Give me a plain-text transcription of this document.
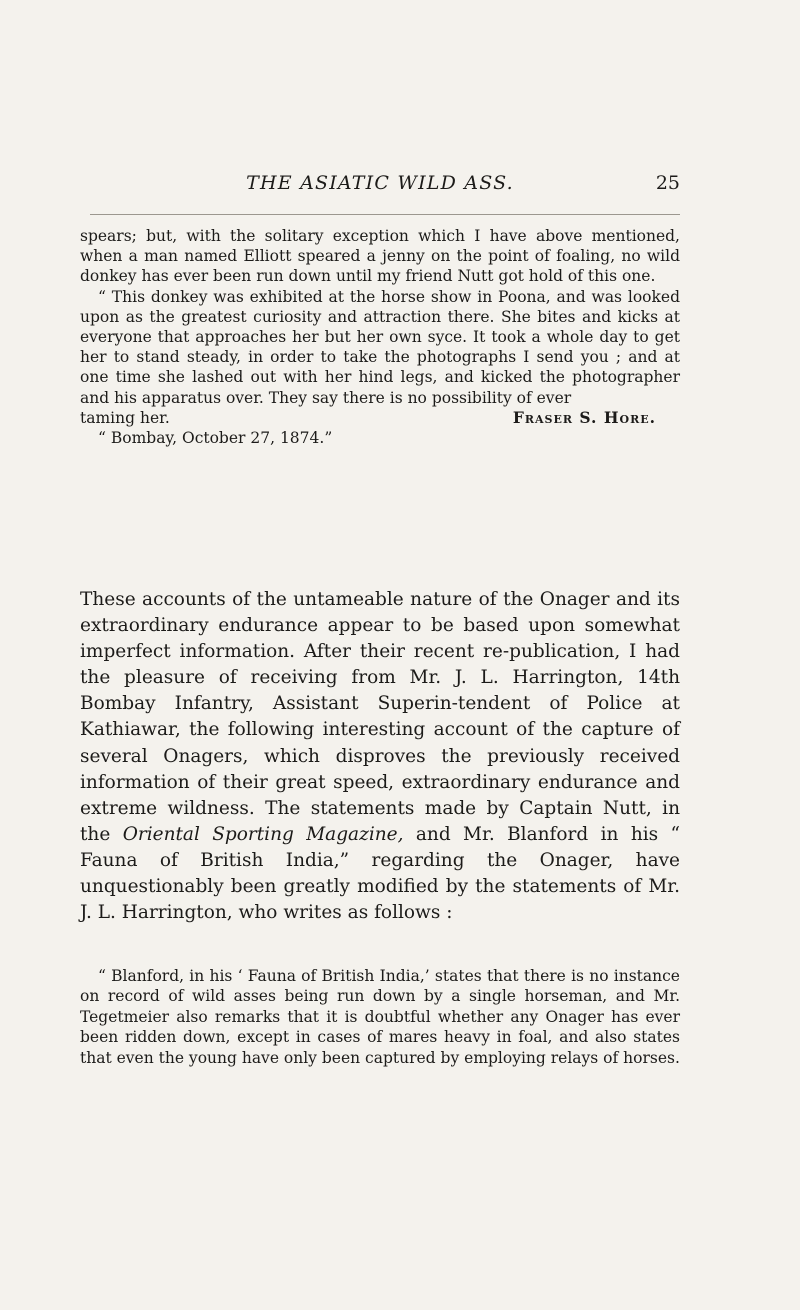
THE ASIATIC WILD ASS.	25

spears; but, with the solitary exception which I have above mentioned, when a man named Elliott speared a jenny on the point of foaling, no wild donkey has ever been run down until my friend Nutt got hold of this one.

“ This donkey was exhibited at the horse show in Poona, and was looked upon as the greatest curiosity and attraction there. She bites and kicks at everyone that approaches her but her own syce. It took a whole day to get her to stand steady, in order to take the photographs I send you ; and at one time she lashed out with her hind legs, and kicked the photographer and his apparatus over. They say there is no possibility of ever

taming her.	Fraser S. Hore.

“ Bombay, October 27, 1874.”

These accounts of the untameable nature of the Onager and its extraordinary endurance appear to be based upon somewhat imperfect information. After their recent re-publication, I had the pleasure of receiving from Mr. J. L. Harrington, 14th Bombay Infantry, Assistant Superin-tendent of Police at Kathiawar, the following interesting account of the capture of several Onagers, which disproves the previously received information of their great speed, extraordinary endurance and extreme wildness. The statements made by Captain Nutt, in the Oriental Sporting Magazine, and Mr. Blanford in his “ Fauna of British India,” regarding the Onager, have unquestionably been greatly modified by the statements of Mr. J. L. Harrington, who writes as follows :

“ Blanford, in his ‘ Fauna of British India,’ states that there is no instance on record of wild asses being run down by a single horseman, and Mr. Tegetmeier also remarks that it is doubtful whether any Onager has ever been ridden down, except in cases of mares heavy in foal, and also states that even the young have only been captured by employing relays of horses.
